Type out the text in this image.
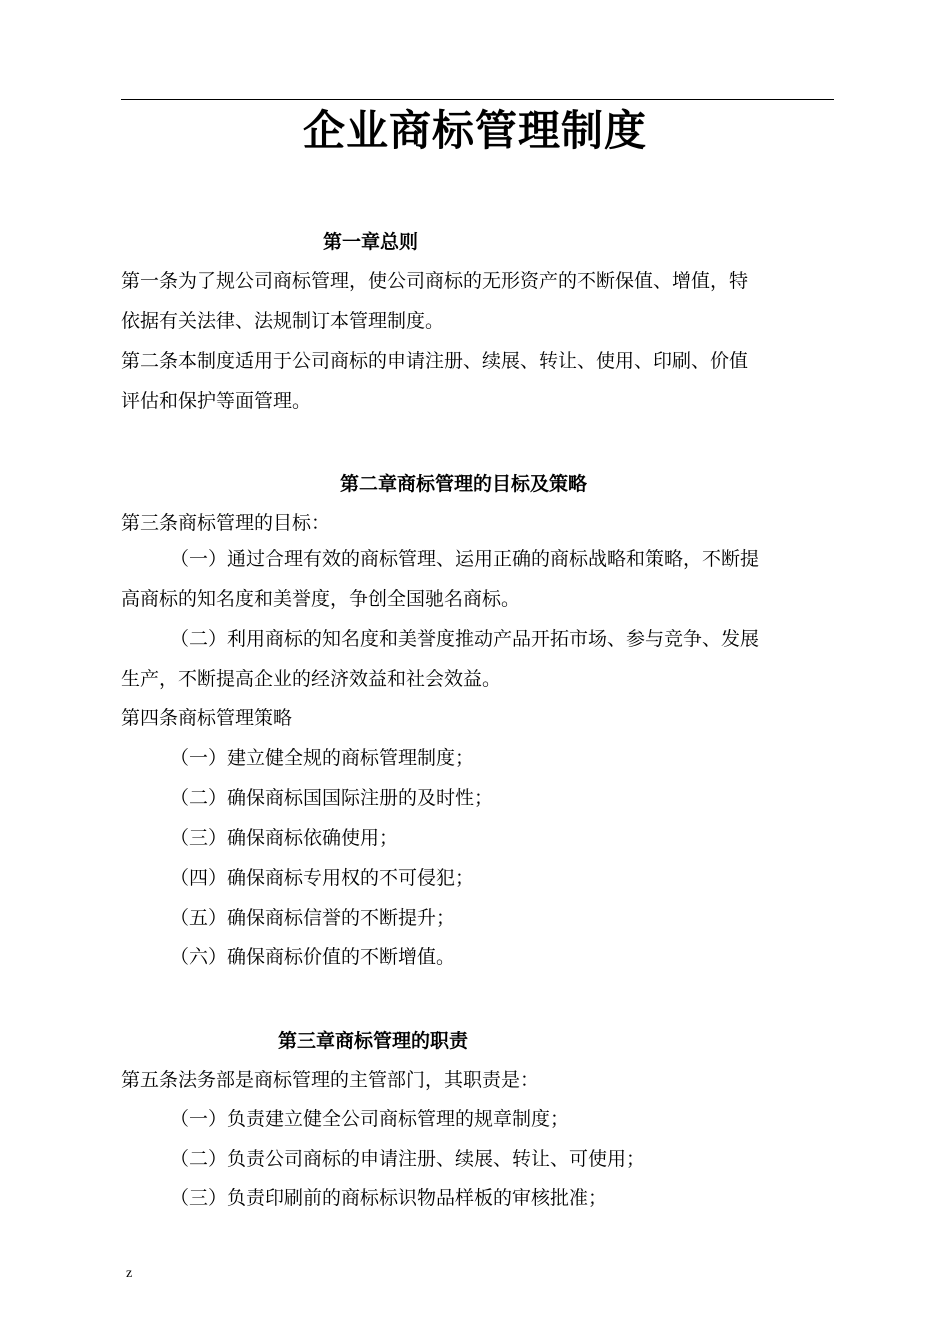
企业商标管理制度
第一章总则
第一条为了规公司商标管理，使公司商标的无形资产的不断保值、增值，特
依据有关法律、法规制订本管理制度。
第二条本制度适用于公司商标的申请注册、续展、转让、使用、印刷、价值
评估和保护等面管理。
第二章商标管理的目标及策略
第三条商标管理的目标：
（一）通过合理有效的商标管理、运用正确的商标战略和策略，不断提
高商标的知名度和美誉度，争创全国驰名商标。
（二）利用商标的知名度和美誉度推动产品开拓市场、参与竞争、发展
生产，不断提高企业的经济效益和社会效益。
第四条商标管理策略
（一）建立健全规的商标管理制度；
（二）确保商标国国际注册的及时性；
（三）确保商标依确使用；
（四）确保商标专用权的不可侵犯；
（五）确保商标信誉的不断提升；
（六）确保商标价值的不断增值。
第三章商标管理的职责
第五条法务部是商标管理的主管部门，其职责是：
（一）负责建立健全公司商标管理的规章制度；
（二）负责公司商标的申请注册、续展、转让、可使用；
（三）负责印刷前的商标标识物品样板的审核批准；
z
